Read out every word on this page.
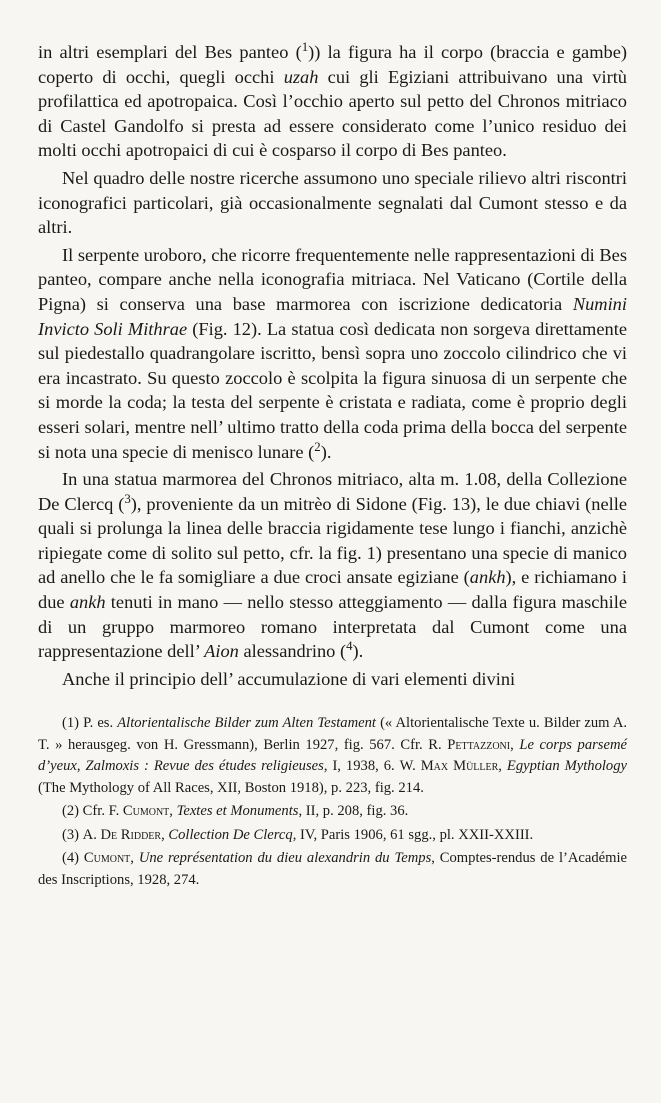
in altri esemplari del Bes panteo ($^1$)) la figura ha il corpo (braccia e gambe) coperto di occhi, quegli occhi uzah cui gli Egiziani attribuivano una virtù profilattica ed apotropaica. Così l’occhio aperto sul petto del Chronos mitriaco di Castel Gandolfo si presta ad essere considerato come l’unico residuo dei molti occhi apotropaici di cui è cosparso il corpo di Bes panteo.

Nel quadro delle nostre ricerche assumono uno speciale rilievo altri riscontri iconografici particolari, già occasionalmente segnalati dal Cumont stesso e da altri.

Il serpente uroboro, che ricorre frequentemente nelle rappresentazioni di Bes panteo, compare anche nella iconografia mitriaca. Nel Vaticano (Cortile della Pigna) si conserva una base marmorea con iscrizione dedicatoria Numini Invicto Soli Mithrae (Fig. 12). La statua così dedicata non sorgeva direttamente sul piedestallo quadrangolare iscritto, bensì sopra uno zoccolo cilindrico che vi era incastrato. Su questo zoccolo è scolpita la figura sinuosa di un serpente che si morde la coda; la testa del serpente è cristata e radiata, come è proprio degli esseri solari, mentre nell’ ultimo tratto della coda prima della bocca del serpente si nota una specie di menisco lunare ($^2$).

In una statua marmorea del Chronos mitriaco, alta m. 1.08, della Collezione De Clercq ($^3$), proveniente da un mitrèo di Sidone (Fig. 13), le due chiavi (nelle quali si prolunga la linea delle braccia rigidamente tese lungo i fianchi, anzichè ripiegate come di solito sul petto, cfr. la fig. 1) presentano una specie di manico ad anello che le fa somigliare a due croci ansate egiziane (ankh), e richiamano i due ankh tenuti in mano — nello stesso atteggiamento — dalla figura maschile di un gruppo marmoreo romano interpretata dal Cumont come una rappresentazione dell’ Aion alessandrino ($^4$).

Anche il principio dell’ accumulazione di vari elementi divini

(1) P. es. Altorientalische Bilder zum Alten Testament (« Altorientalische Texte u. Bilder zum A. T. » herausgeg. von H. Gressmann), Berlin 1927, fig. 567. Cfr. R. Pettazzoni, Le corps parsemé d’yeux, Zalmoxis : Revue des études religieuses, I, 1938, 6. W. Max Müller, Egyptian Mythology (The Mythology of All Races, XII, Boston 1918), p. 223, fig. 214.

(2) Cfr. F. Cumont, Textes et Monuments, II, p. 208, fig. 36.

(3) A. De Ridder, Collection De Clercq, IV, Paris 1906, 61 sgg., pl. XXII-XXIII.

(4) Cumont, Une représentation du dieu alexandrin du Temps, Comptes-rendus de l’Académie des Inscriptions, 1928, 274.
